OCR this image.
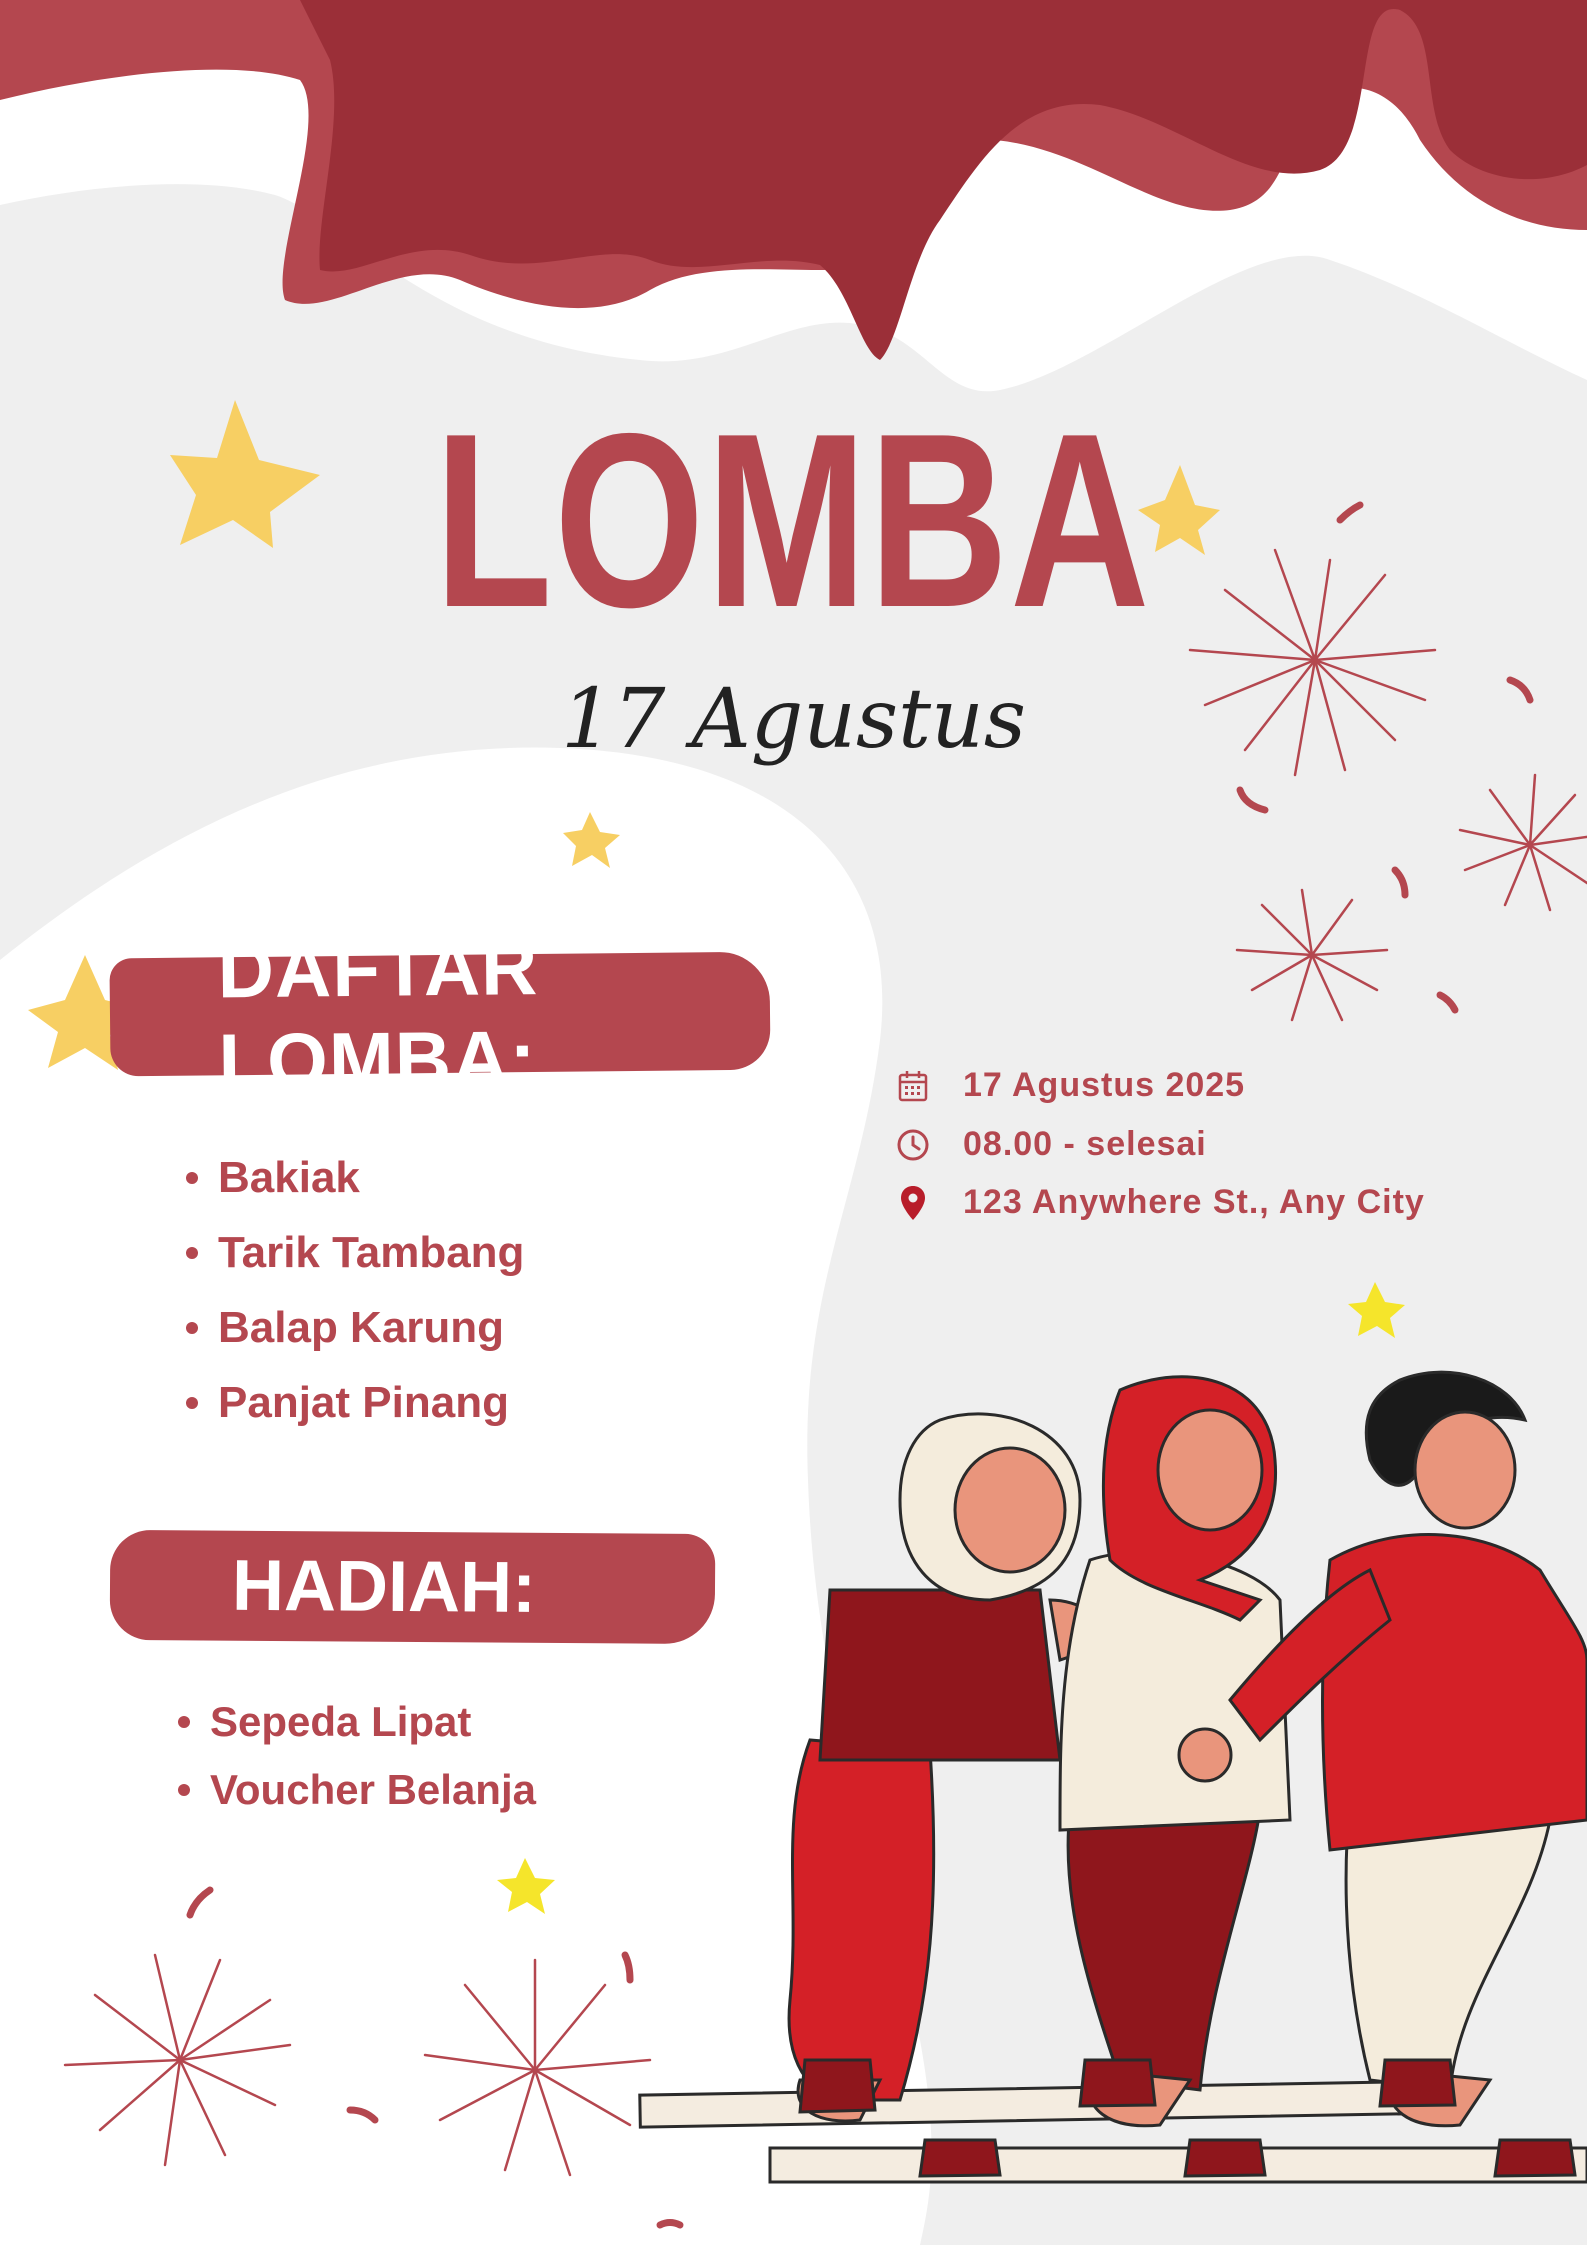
LOMBA
17 Agustus
DAFTAR LOMBA:
Bakiak
Tarik Tambang
Balap Karung
Panjat Pinang
HADIAH:
Sepeda Lipat
Voucher Belanja
17 Agustus 2025
08.00 - selesai
123 Anywhere St., Any City
